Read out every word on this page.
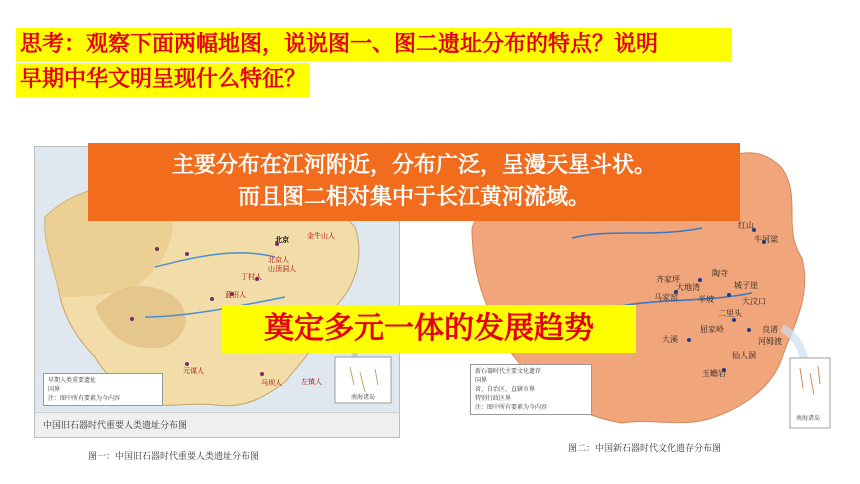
思考：观察下面两幅地图，说说图一、图二遗址分布的特点？说明
早期中华文明呈现什么特征？
南海诸岛
北京	金牛山人
北京人
山顶洞人
丁村人
蓝田人
元谋人
马坝人	左镇人
早期人类重要遗址
国界
注：图中所有要素为今内容
中国旧石器时代重要人类遗址分布图
南海诸岛
红山
牛河梁
大地湾
半坡
齐家坪
马家窑
城子崖
大汶口
良渚
河姆渡
屈家岭
大溪
仙人洞
玉蟾岩
陶寺
二里头
新石器时代主要文化遗存
国界
省、自治区、直辖市界
特别行政区界
注：图中所有要素为今内容
图一：中国旧石器时代重要人类遗址分布图
图二：中国新石器时代文化遗存分布图
主要分布在江河附近，分布广泛，呈漫天星斗状。
而且图二相对集中于长江黄河流域。
奠定多元一体的发展趋势
